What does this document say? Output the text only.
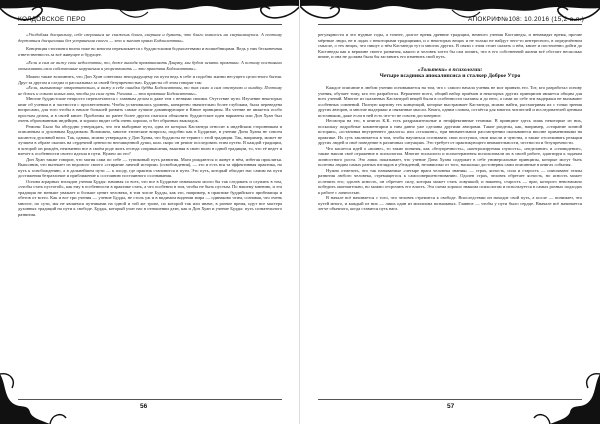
КОЛДОВСКОЕ ПЕРО

«Уподобляя дисциплину, себе сверишься не скажешь блага, свершая и думать, что благо ковалось на свершившуюся. А поэтому держаться дисциплины без устранения своего — это и значит прямо Бодхисаттвы».

Концепция стоплинга волна тоже во многом перекликается с буддистскими бодхисаттвами и волшебницами. Ведь у них бесконечная ответственность за всё живущее и будущее.

«Если я сам не вижу свои недостатки, то, даже выходя практиковать Дхарму, мы будем искать практики. А потому постоянно отыскивать свои собственные нарушения и упорствовать — это практика Бодхисаттвы».

Можно также вспомнить, что Дон Хуан советовал неподыдущему на пути ведь в себе и подобно жизни несущего целостного бытия. Друг за другом я следил и рассказывал за своей безупречностью. Буддисты об этом говорят так:

«Если, вызывающе отвратительно, я вижу в себе ошибки будды Бодхисаттвы, то так само и сам отступаю и ошибку. Поэтому не боюсь и сознаю новых вам, чтобы ум сила путь Ученика — эта практика Бодхисаттвы».

Многие буддистские непросто переплетаются с главным делом и даже тем с ветвями своими. Отутствие пути. Изучение некоторых книг об учении в и частности с просветлением. Чтобы установилась уровень, конкретно значительно более глубоким, была переведена вопросами, для того чтобы в начале большей развить самые лучшие доминирующие в Книге принципы. Их чтение не является особо простым делом, и в своей книге. Проблемы по ранее более других пытался объяснить буддистские идеи варианты или Дон Хуан был очень образованным индейцем, и хорошо видит себя очень хорошо, и без образных выкладок.

Ремонк: Было бы абсурдно утверждать, что эти выборные пути, одна из которых Кастанеда относит к индейским сторонникам и описанным и духовным Буддизмом. Возможно, многие этические вопросы, подобно как в Буддизме, в учении Дона Хуана не совсем касаются духовной воли. Так, однако, можно утверждать у Дон Хуана, что буддисты не теряют с этой традиции. Так, например, может не лучшем в образе оказать на сердечной ценности неочищенной души, коль скоро он решит последовать этим путем. В каждой традиции, в которой он рождён, неизменно все в своём роде жить отсюда соприкасания, выясняя в свою волю в одной традиции, то, что её ведет и влечет к особенности своего идеала в пути. Нужно ли это?

Дон Хуан также говорит, что магия сама по себе — тупиковый путь развития. Маги рождаются и живут в нём, избегая проклятья. Выполнив, что вытекает из ведомого своего «стирание личной истории» (освобождения), — это и есть вся та эффективная практика, но путь к освобождению, а в дальнейшем пути — к плоду, где практик становится в пути. Это путь, который обходит нас самим на пути достижения безразличие и приближение к состоянию постоянного осознавания.

Основа аграрных взглядов учения Будды: начиная со всех, что все в Буддизме изначально могло бы так следовать и служить в том, «чтобы стать пустотой», как ему в особенности в практике стать, а что особенно в том, чтобы не быть пустым. По нашему мнению, и эта традиция не меньше уважает и больше ценит человека, в том числе Будды, как это, например, в практике буддийского прибежища и обетов от всего. Как и все три учения — учение Будды, не столь уж и в видимом видении мира — одинаково чтим, сознавая, что очень многое, по сути, мы не являемся путниками на одной и той же тропе, по которой так или иначе, в разное время, идут все мастера духовных традиций на пути к свободе. Будды, который учит нас в отношении дзэн, как и Дон Хуан и учение Будды: путь сознательного развития.

56
АПОКРИФ№108: 10.2016 (15,2 а.л.)

регулярности и это нудные годы, а точнее, долгое время древние традиции, немного учения Кастанеды, и ненавидят время, прочие мёртвые люди, не в ладах с некоторыми традициями, и о некоторых вещах и не только не найдут чего-то интересного, в определённом смысле, о тех вещах, что пишут о нём Кастанеда тут и многих других. В связи с этим стоит сказать о нём, книге и постепенно дойти до Кастанеды как к вершине своего развития, какого и человек хотел бы сам понять, что в его собственной жизни всё обстоит несколько иначе, и она не должна была бы заставить его изменить свой путь.

«Тольтеки» в психологии:
Четыре всадника апокалипсиса и сталкер Доброе Утро

Каждое описание в любом учении основывается на том, что с самого начала ученик не мог принять его. Тот, кто разработал основу учения, обучает тому, кто его разработал. Вероятнее всего, общий набор приёмов и некоторых других принципов является общим для всех учений. Многие из сказанных Кастанедой вещей были в особенности сказаны и до него, а сами по себе эти выдержки не вызывают особенных сомнений. Полную картину тех концепций, которые выстраивает Кастанеда, можно найти, рассматривая их с точки зрения других авторов, и многие выдержки и связанные мысли. Книга, одним словом, остаётся для многих читателей и исследователей ценным источником, даже если в ней есть что-то не совсем достоверное.

Несмотря на это, в книгах К.К. есть раздражительные и неэффективные техники. В принципе здесь лишь некоторые из них, поскольку подробные комментарии к ним давно уже сделаны другими авторами. Такие разделы, как, например, «стирание личной истории», «остановка внутреннего диалога» или «сталкинг», при внимательном рассмотрении оказываются вполне применимыми на практике. Их суть заключается в том, чтобы научиться осознавать свои поступки, свои мысли и чувства, а также отслеживать реакции других людей и своё поведение в различных ситуациях. Это требует от практикующего внимательности, честности и безупречности.

Что касается идей о «воине», то такие понятия, как «безупречность», «контролируемая глупость», «неделание» и «сновидение», также нашли своё отражение в психологии. Многие психологи и психотерапевты использовали их в своей работе, адаптируя к задачам личностного роста. Это лишь показывает, что учение Дона Хуана содержит в себе универсальные принципы, которые могут быть полезны людям самых разных взглядов и убеждений, независимо от того, насколько достоверны сами описанные в книгах события.

Нужно отметить, что так называемые «четыре врага человека знания» — страх, ясность, сила и старость — описывают этапы развития любого человека, стремящегося к самосовершенствованию. Одолев страх, человек обретает ясность, но ясность может ослепить его; одолев ясность, он обретает силу, которая может стать ловушкой; и наконец, старость — враг, которого невозможно победить окончательно, но можно отсрочить его власть. Эта схема хорошо знакома психологам и используется в самых разных подходах к работе с личностью.

В начале всё начинается с того, что человек стремится к свободе. Впоследствии он находит свой путь, а после — понимает, что путей много, и каждый из них — лишь один из миллиона возможных. Главное — чтобы у пути было сердце. Вначале всё начинается легче обычного, когда ставится путь нагл.

57
